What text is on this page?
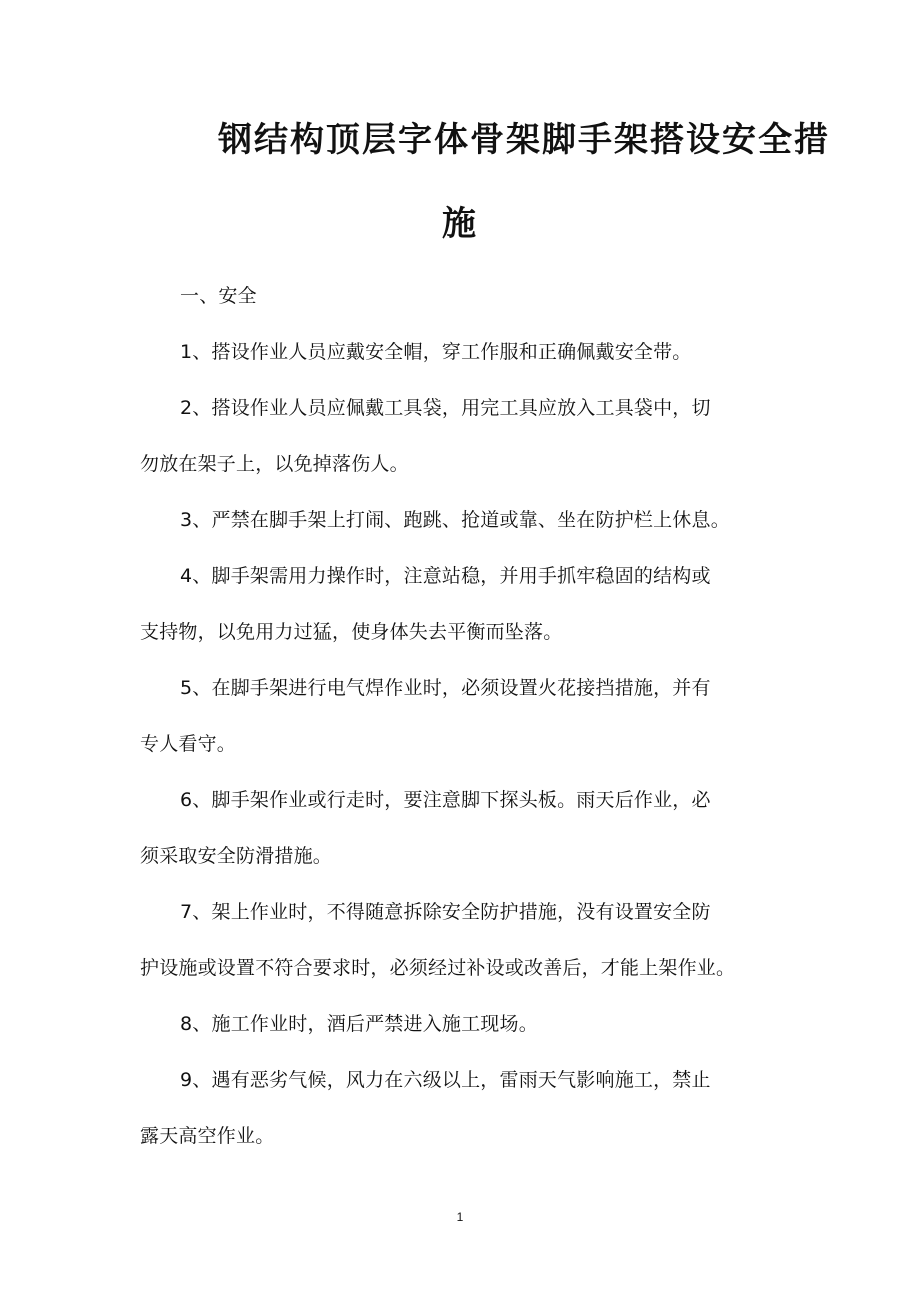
钢结构顶层字体骨架脚手架搭设安全措
施
一、安全
1、搭设作业人员应戴安全帽，穿工作服和正确佩戴安全带。
2、搭设作业人员应佩戴工具袋，用完工具应放入工具袋中，切
勿放在架子上，以免掉落伤人。
3、严禁在脚手架上打闹、跑跳、抢道或靠、坐在防护栏上休息。
4、脚手架需用力操作时，注意站稳，并用手抓牢稳固的结构或
支持物，以免用力过猛，使身体失去平衡而坠落。
5、在脚手架进行电气焊作业时，必须设置火花接挡措施，并有
专人看守。
6、脚手架作业或行走时，要注意脚下探头板。雨天后作业，必
须采取安全防滑措施。
7、架上作业时，不得随意拆除安全防护措施，没有设置安全防
护设施或设置不符合要求时，必须经过补设或改善后，才能上架作业。
8、施工作业时，酒后严禁进入施工现场。
9、遇有恶劣气候，风力在六级以上，雷雨天气影响施工，禁止
露天高空作业。
1
